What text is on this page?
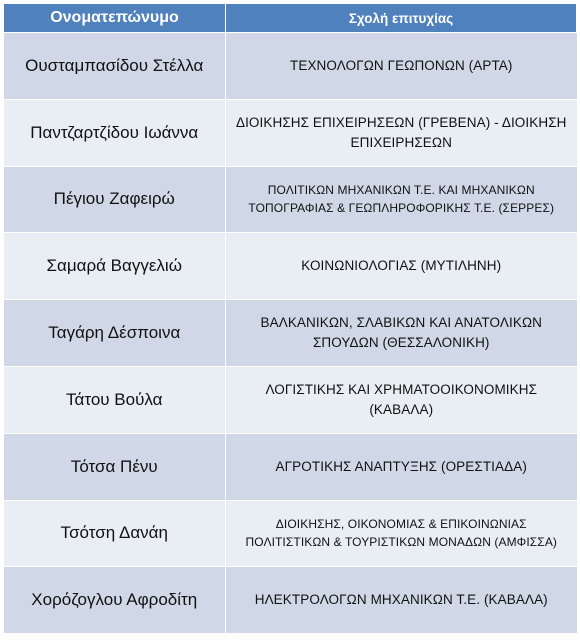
Ονοματεπώνυμο	Σχολή επιτυχίας
Ουσταμπασίδου Στέλλα	ΤΕΧΝΟΛΟΓΩΝ ΓΕΩΠΟΝΩΝ (ΑΡΤΑ)
Παντζαρτζίδου Ιωάννα	ΔΙΟΙΚΗΣΗΣ ΕΠΙΧΕΙΡΗΣΕΩΝ (ΓΡΕΒΕΝΑ) - ΔΙΟΙΚΗΣΗ ΕΠΙΧΕΙΡΗΣΕΩΝ
Πέγιου Ζαφειρώ	ΠΟΛΙΤΙΚΩΝ ΜΗΧΑΝΙΚΩΝ Τ.Ε. ΚΑΙ ΜΗΧΑΝΙΚΩΝ ΤΟΠΟΓΡΑΦΙΑΣ & ΓΕΩΠΛΗΡΟΦΟΡΙΚΗΣ Τ.Ε. (ΣΕΡΡΕΣ)
Σαμαρά Βαγγελιώ	ΚΟΙΝΩΝΙΟΛΟΓΙΑΣ (ΜΥΤΙΛΗΝΗ)
Ταγάρη Δέσποινα	ΒΑΛΚΑΝΙΚΩΝ, ΣΛΑΒΙΚΩΝ ΚΑΙ ΑΝΑΤΟΛΙΚΩΝ ΣΠΟΥΔΩΝ (ΘΕΣΣΑΛΟΝΙΚΗ)
Τάτου Βούλα	ΛΟΓΙΣΤΙΚΗΣ ΚΑΙ ΧΡΗΜΑΤΟΟΙΚΟΝΟΜΙΚΗΣ (ΚΑΒΑΛΑ)
Τότσα Πένυ	ΑΓΡΟΤΙΚΗΣ ΑΝΑΠΤΥΞΗΣ (ΟΡΕΣΤΙΑΔΑ)
Τσότση Δανάη	ΔΙΟΙΚΗΣΗΣ, ΟΙΚΟΝΟΜΙΑΣ & ΕΠΙΚΟΙΝΩΝΙΑΣ ΠΟΛΙΤΙΣΤΙΚΩΝ & ΤΟΥΡΙΣΤΙΚΩΝ ΜΟΝΑΔΩΝ (ΑΜΦΙΣΣΑ)
Χορόζογλου Αφροδίτη	ΗΛΕΚΤΡΟΛΟΓΩΝ ΜΗΧΑΝΙΚΩΝ Τ.Ε. (ΚΑΒΑΛΑ)
